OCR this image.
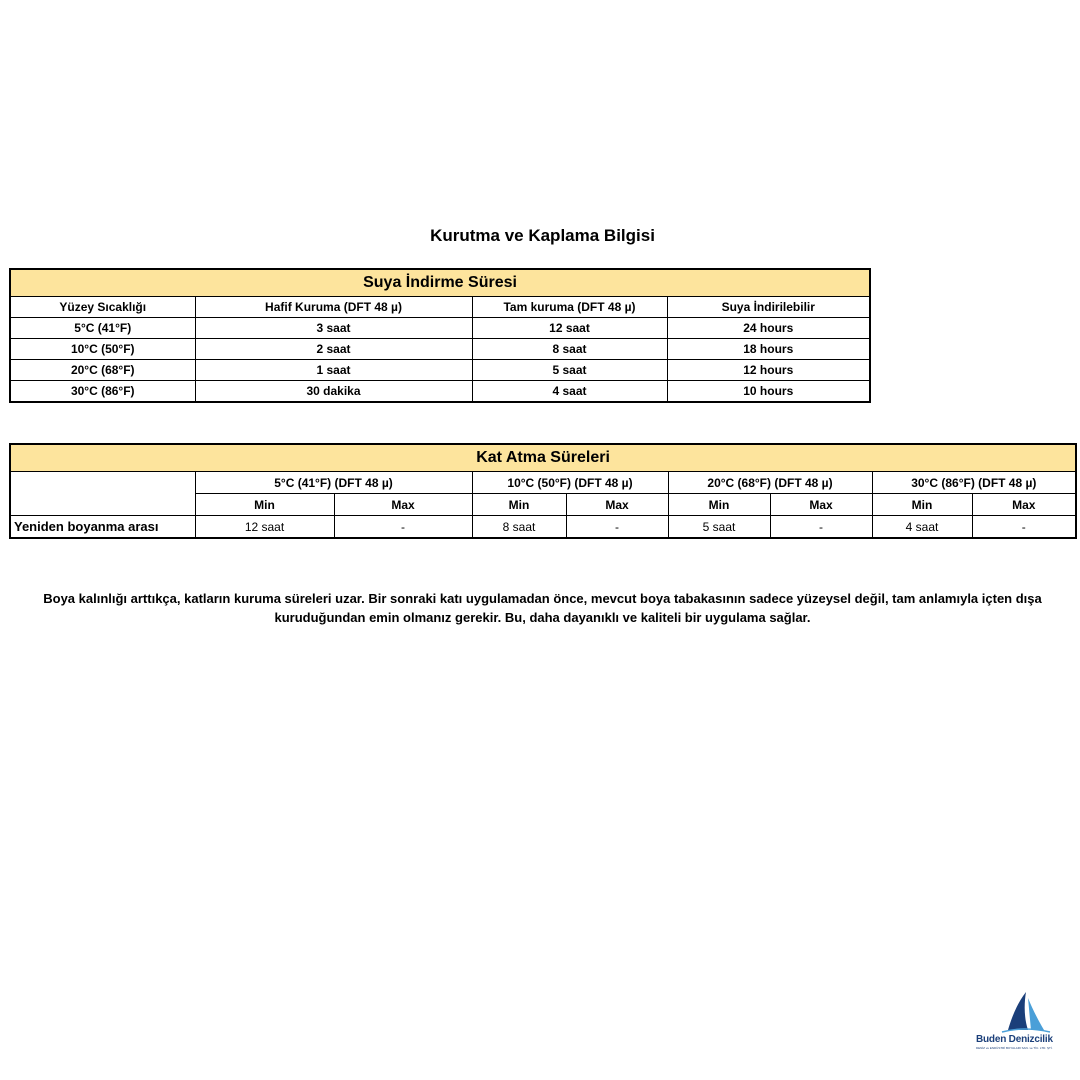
Kurutma ve Kaplama Bilgisi
Suya İndirme Süresi			
Yüzey Sıcaklığı	Hafif Kuruma (DFT 48 µ)	Tam kuruma (DFT 48 µ)	Suya İndirilebilir
5°C (41°F)	3 saat	12 saat	24 hours
10°C (50°F)	2 saat	8 saat	18 hours
20°C (68°F)	1 saat	5 saat	12 hours
30°C (86°F)	30 dakika	4 saat	10 hours
Kat Atma Süreleri								
	5°C (41°F) (DFT 48 µ)		10°C (50°F) (DFT 48 µ)		20°C (68°F) (DFT 48 µ)		30°C (86°F) (DFT 48 µ)	
	Min	Max	Min	Max	Min	Max	Min	Max
Yeniden boyanma arası	12 saat	-	8 saat	-	5 saat	-	4 saat	-
Boya kalınlığı arttıkça, katların kuruma süreleri uzar. Bir sonraki katı uygulamadan önce, mevcut boya tabakasının sadece yüzeysel değil, tam anlamıyla içten dışa kuruduğundan emin olmanız gerekir. Bu, daha dayanıklı ve kaliteli bir uygulama sağlar.
Buden Denizcilik
DENİZ ve ENDÜSTRİ BOYALARI SAN. ve TİC. LTD. ŞTİ.
